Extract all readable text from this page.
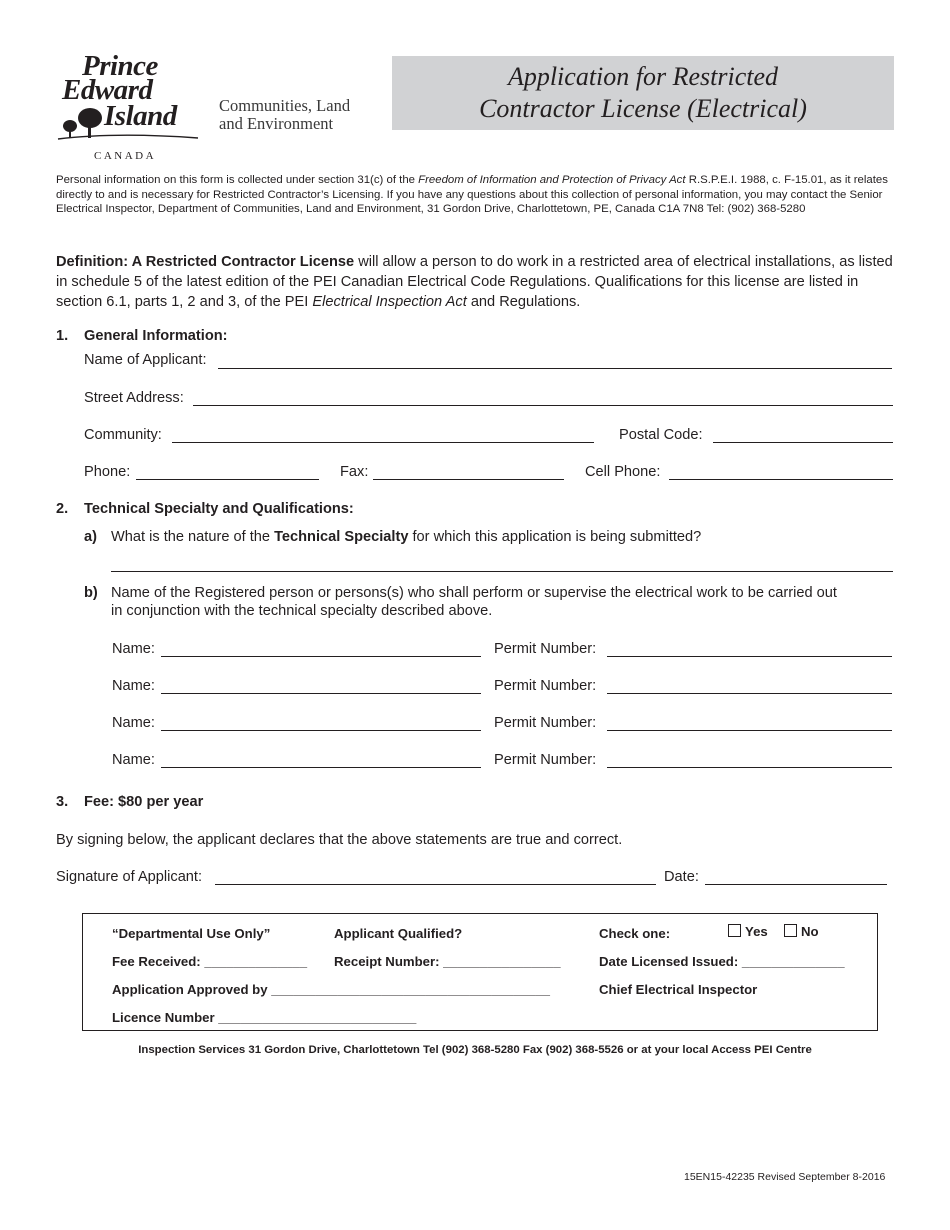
Prince
Edward
Island
CANADA
Communities, Land
and Environment
Application for Restricted
Contractor License (Electrical)
Personal information on this form is collected under section 31(c) of the Freedom of Information and Protection of Privacy Act R.S.P.E.I. 1988, c. F-15.01, as it relates directly to and is necessary for Restricted Contractor’s Licensing. If you have any questions about this collection of personal information, you may contact the Senior Electrical Inspector, Department of Communities, Land and Environment, 31 Gordon Drive, Charlottetown, PE, Canada C1A 7N8 Tel: (902) 368-5280
Definition: A Restricted Contractor License will allow a person to do work in a restricted area of electrical installations, as listed in schedule 5 of the latest edition of the PEI Canadian Electrical Code Regulations. Qualifications for this license are listed in section 6.1, parts 1, 2 and 3, of the PEI Electrical Inspection Act and Regulations.
1. General Information:
Name of Applicant:
Street Address:
Community:	Postal Code:
Phone:	Fax:	Cell Phone:
2. Technical Specialty and Qualifications:
a) What is the nature of the Technical Specialty for which this application is being submitted?
b) Name of the Registered person or persons(s) who shall perform or supervise the electrical work to be carried out
in conjunction with the technical specialty described above.
Name:	Permit Number:
Name:	Permit Number:
Name:	Permit Number:
Name:	Permit Number:
3. Fee: $80 per year
By signing below, the applicant declares that the above statements are true and correct.
Signature of Applicant:	Date:
“Departmental Use Only”	Applicant Qualified?	Check one:	Yes	No
Fee Received: ______________ Receipt Number: ________________	Date Licensed Issued: ______________
Application Approved by ______________________________________	Chief Electrical Inspector
Licence Number ___________________________
Inspection Services 31 Gordon Drive, Charlottetown Tel (902) 368-5280 Fax (902) 368-5526 or at your local Access PEI Centre
15EN15-42235 Revised September 8-2016
